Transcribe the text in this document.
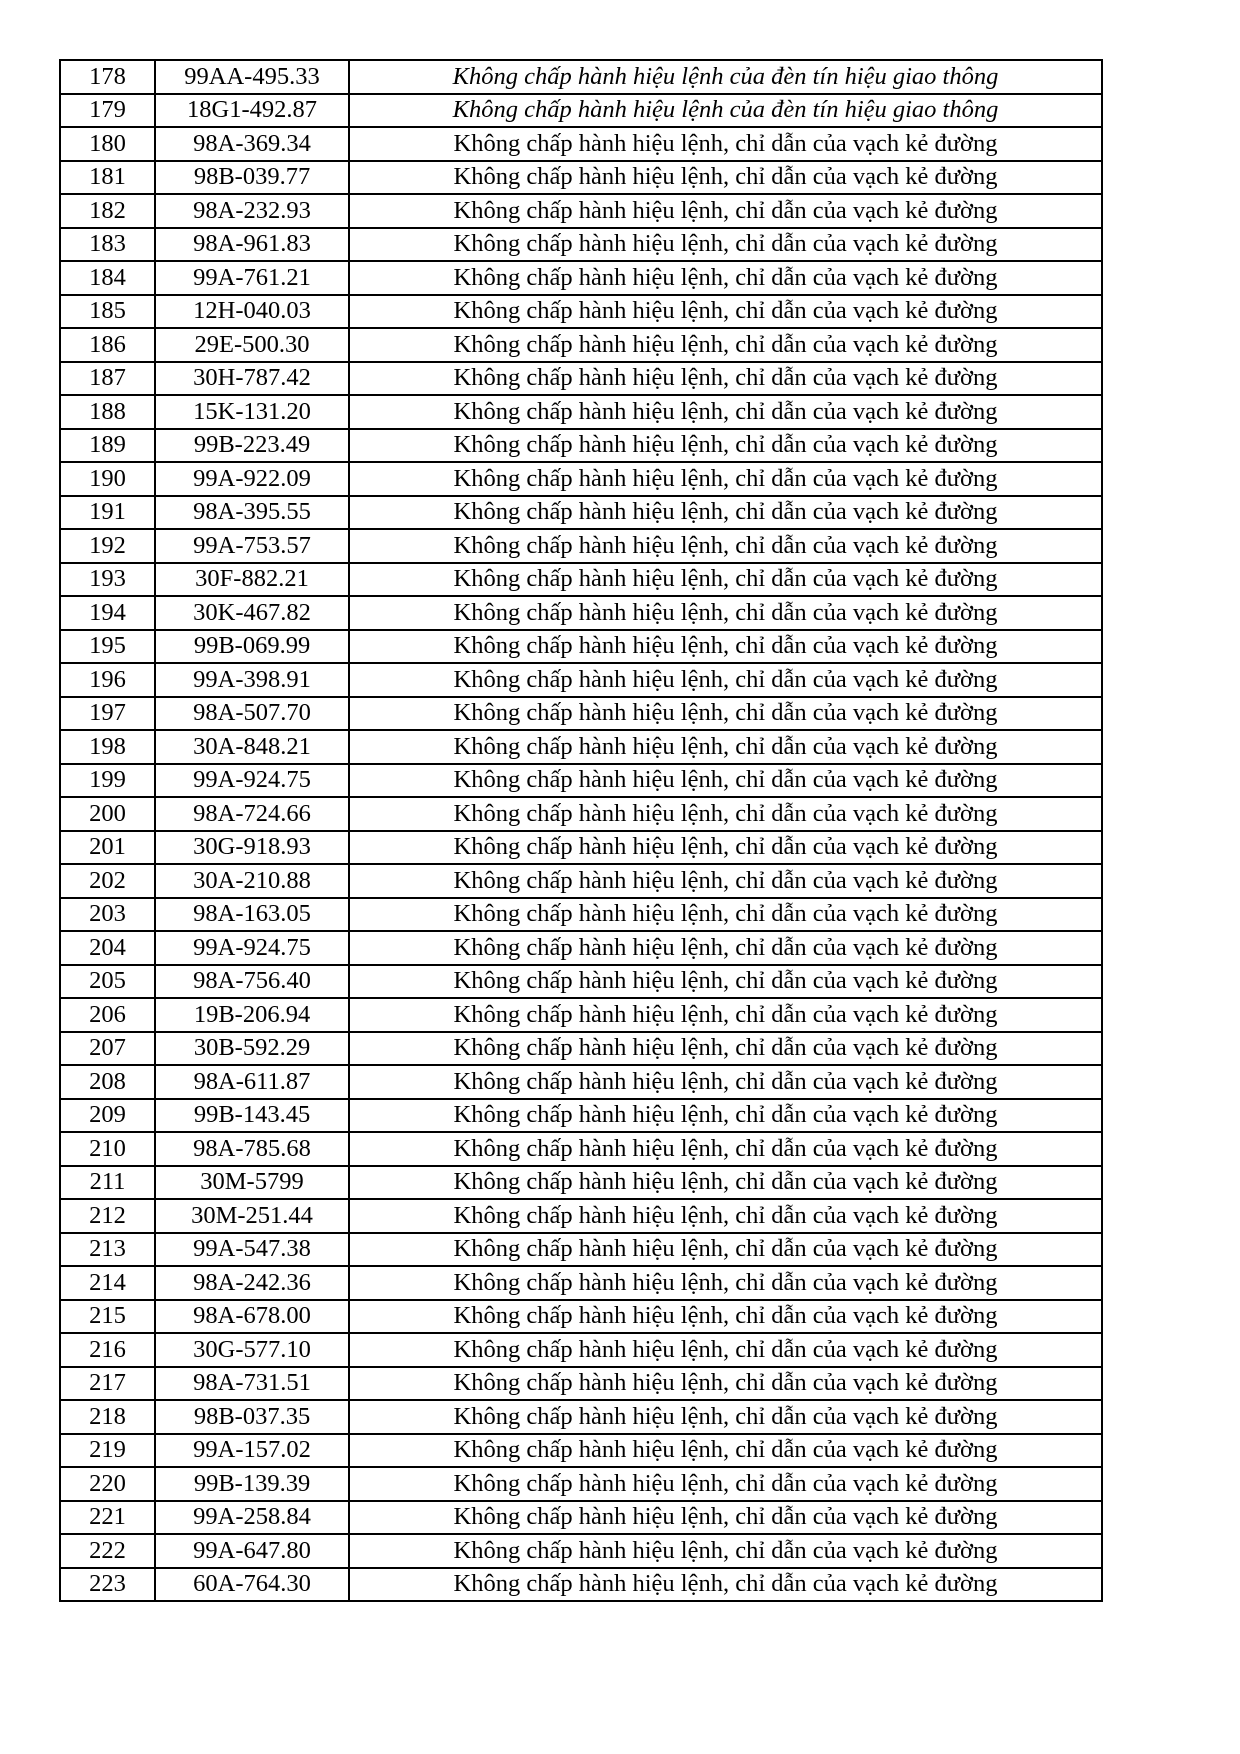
178	99AA-495.33	Không chấp hành hiệu lệnh của đèn tín hiệu giao thông
179	18G1-492.87	Không chấp hành hiệu lệnh của đèn tín hiệu giao thông
180	98A-369.34	Không chấp hành hiệu lệnh, chỉ dẫn của vạch kẻ đường
181	98B-039.77	Không chấp hành hiệu lệnh, chỉ dẫn của vạch kẻ đường
182	98A-232.93	Không chấp hành hiệu lệnh, chỉ dẫn của vạch kẻ đường
183	98A-961.83	Không chấp hành hiệu lệnh, chỉ dẫn của vạch kẻ đường
184	99A-761.21	Không chấp hành hiệu lệnh, chỉ dẫn của vạch kẻ đường
185	12H-040.03	Không chấp hành hiệu lệnh, chỉ dẫn của vạch kẻ đường
186	29E-500.30	Không chấp hành hiệu lệnh, chỉ dẫn của vạch kẻ đường
187	30H-787.42	Không chấp hành hiệu lệnh, chỉ dẫn của vạch kẻ đường
188	15K-131.20	Không chấp hành hiệu lệnh, chỉ dẫn của vạch kẻ đường
189	99B-223.49	Không chấp hành hiệu lệnh, chỉ dẫn của vạch kẻ đường
190	99A-922.09	Không chấp hành hiệu lệnh, chỉ dẫn của vạch kẻ đường
191	98A-395.55	Không chấp hành hiệu lệnh, chỉ dẫn của vạch kẻ đường
192	99A-753.57	Không chấp hành hiệu lệnh, chỉ dẫn của vạch kẻ đường
193	30F-882.21	Không chấp hành hiệu lệnh, chỉ dẫn của vạch kẻ đường
194	30K-467.82	Không chấp hành hiệu lệnh, chỉ dẫn của vạch kẻ đường
195	99B-069.99	Không chấp hành hiệu lệnh, chỉ dẫn của vạch kẻ đường
196	99A-398.91	Không chấp hành hiệu lệnh, chỉ dẫn của vạch kẻ đường
197	98A-507.70	Không chấp hành hiệu lệnh, chỉ dẫn của vạch kẻ đường
198	30A-848.21	Không chấp hành hiệu lệnh, chỉ dẫn của vạch kẻ đường
199	99A-924.75	Không chấp hành hiệu lệnh, chỉ dẫn của vạch kẻ đường
200	98A-724.66	Không chấp hành hiệu lệnh, chỉ dẫn của vạch kẻ đường
201	30G-918.93	Không chấp hành hiệu lệnh, chỉ dẫn của vạch kẻ đường
202	30A-210.88	Không chấp hành hiệu lệnh, chỉ dẫn của vạch kẻ đường
203	98A-163.05	Không chấp hành hiệu lệnh, chỉ dẫn của vạch kẻ đường
204	99A-924.75	Không chấp hành hiệu lệnh, chỉ dẫn của vạch kẻ đường
205	98A-756.40	Không chấp hành hiệu lệnh, chỉ dẫn của vạch kẻ đường
206	19B-206.94	Không chấp hành hiệu lệnh, chỉ dẫn của vạch kẻ đường
207	30B-592.29	Không chấp hành hiệu lệnh, chỉ dẫn của vạch kẻ đường
208	98A-611.87	Không chấp hành hiệu lệnh, chỉ dẫn của vạch kẻ đường
209	99B-143.45	Không chấp hành hiệu lệnh, chỉ dẫn của vạch kẻ đường
210	98A-785.68	Không chấp hành hiệu lệnh, chỉ dẫn của vạch kẻ đường
211	30M-5799	Không chấp hành hiệu lệnh, chỉ dẫn của vạch kẻ đường
212	30M-251.44	Không chấp hành hiệu lệnh, chỉ dẫn của vạch kẻ đường
213	99A-547.38	Không chấp hành hiệu lệnh, chỉ dẫn của vạch kẻ đường
214	98A-242.36	Không chấp hành hiệu lệnh, chỉ dẫn của vạch kẻ đường
215	98A-678.00	Không chấp hành hiệu lệnh, chỉ dẫn của vạch kẻ đường
216	30G-577.10	Không chấp hành hiệu lệnh, chỉ dẫn của vạch kẻ đường
217	98A-731.51	Không chấp hành hiệu lệnh, chỉ dẫn của vạch kẻ đường
218	98B-037.35	Không chấp hành hiệu lệnh, chỉ dẫn của vạch kẻ đường
219	99A-157.02	Không chấp hành hiệu lệnh, chỉ dẫn của vạch kẻ đường
220	99B-139.39	Không chấp hành hiệu lệnh, chỉ dẫn của vạch kẻ đường
221	99A-258.84	Không chấp hành hiệu lệnh, chỉ dẫn của vạch kẻ đường
222	99A-647.80	Không chấp hành hiệu lệnh, chỉ dẫn của vạch kẻ đường
223	60A-764.30	Không chấp hành hiệu lệnh, chỉ dẫn của vạch kẻ đường
